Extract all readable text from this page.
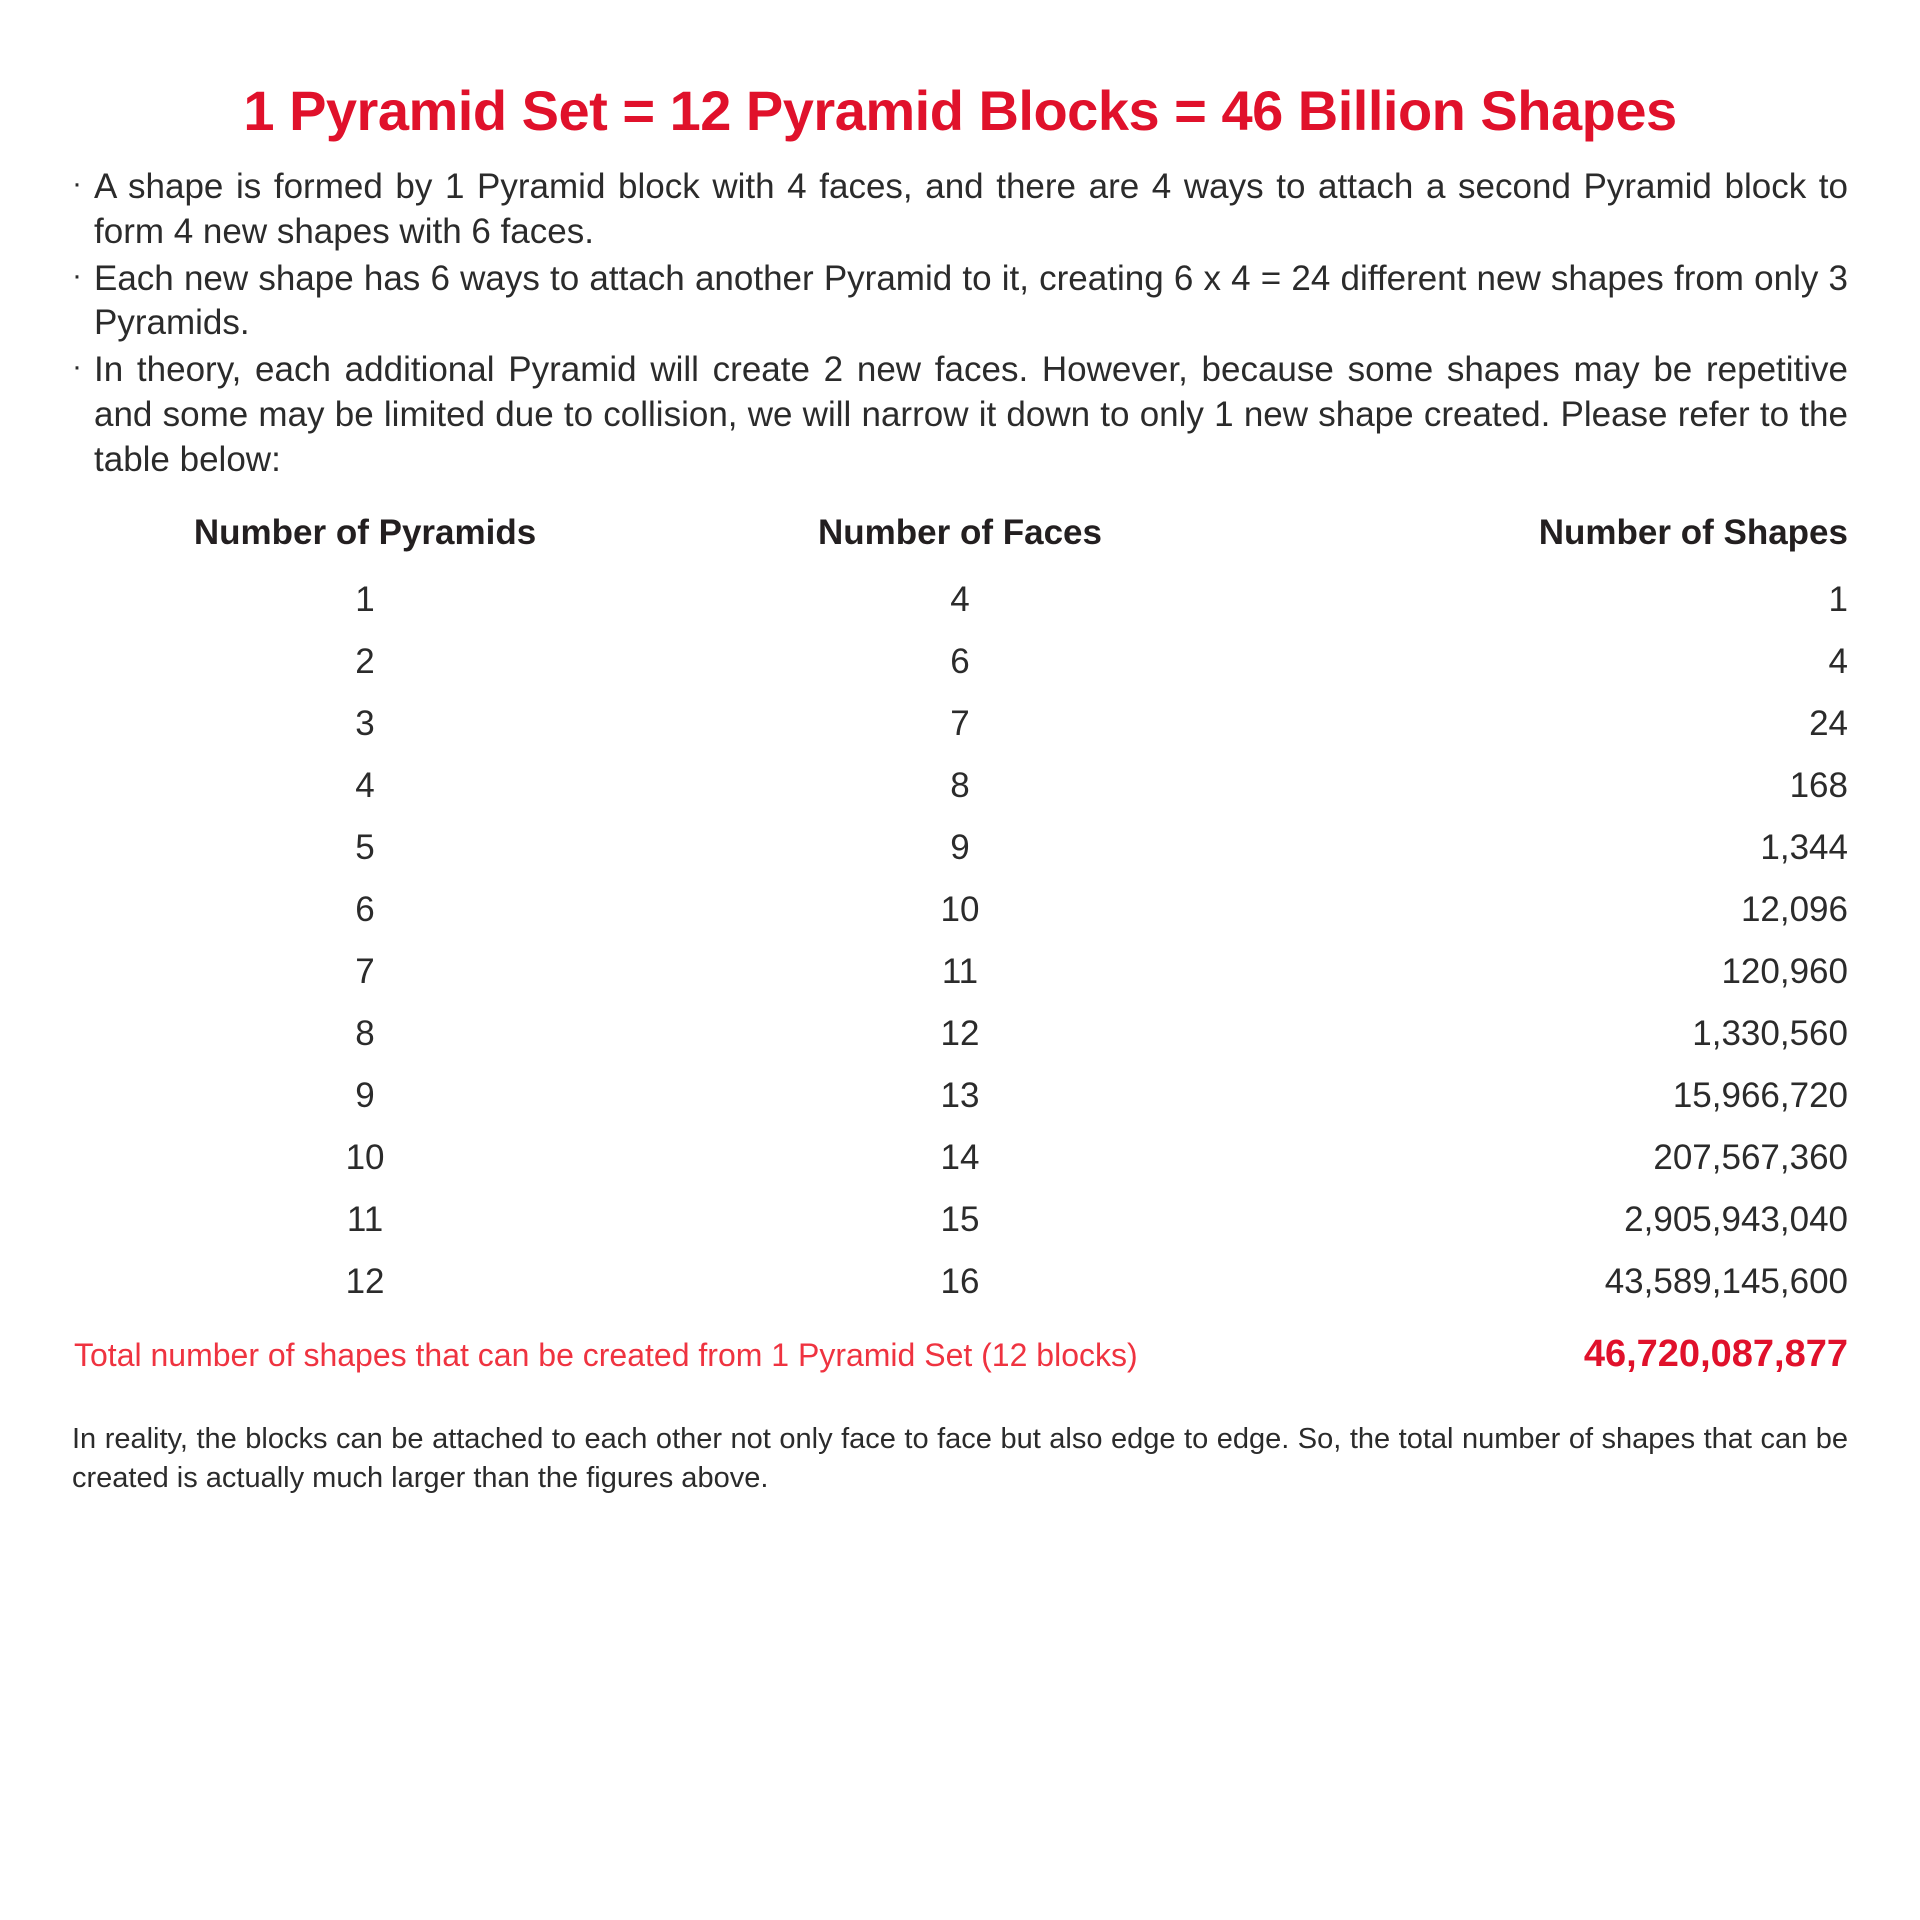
1 Pyramid Set = 12 Pyramid Blocks = 46 Billion Shapes
· A shape is formed by 1 Pyramid block with 4 faces, and there are 4 ways to attach a second Pyramid block to form 4 new shapes with 6 faces.
· Each new shape has 6 ways to attach another Pyramid to it, creating 6 x 4 = 24 different new shapes from only 3 Pyramids.
· In theory, each additional Pyramid will create 2 new faces. However, because some shapes may be repetitive and some may be limited due to collision, we will narrow it down to only 1 new shape created. Please refer to the table below:
Number of Pyramids	Number of Faces	Number of Shapes
1	4	1
2	6	4
3	7	24
4	8	168
5	9	1,344
6	10	12,096
7	11	120,960
8	12	1,330,560
9	13	15,966,720
10	14	207,567,360
11	15	2,905,943,040
12	16	43,589,145,600
Total number of shapes that can be created from 1 Pyramid Set (12 blocks)	46,720,087,877
In reality, the blocks can be attached to each other not only face to face but also edge to edge. So, the total number of shapes that can be created is actually much larger than the figures above.
